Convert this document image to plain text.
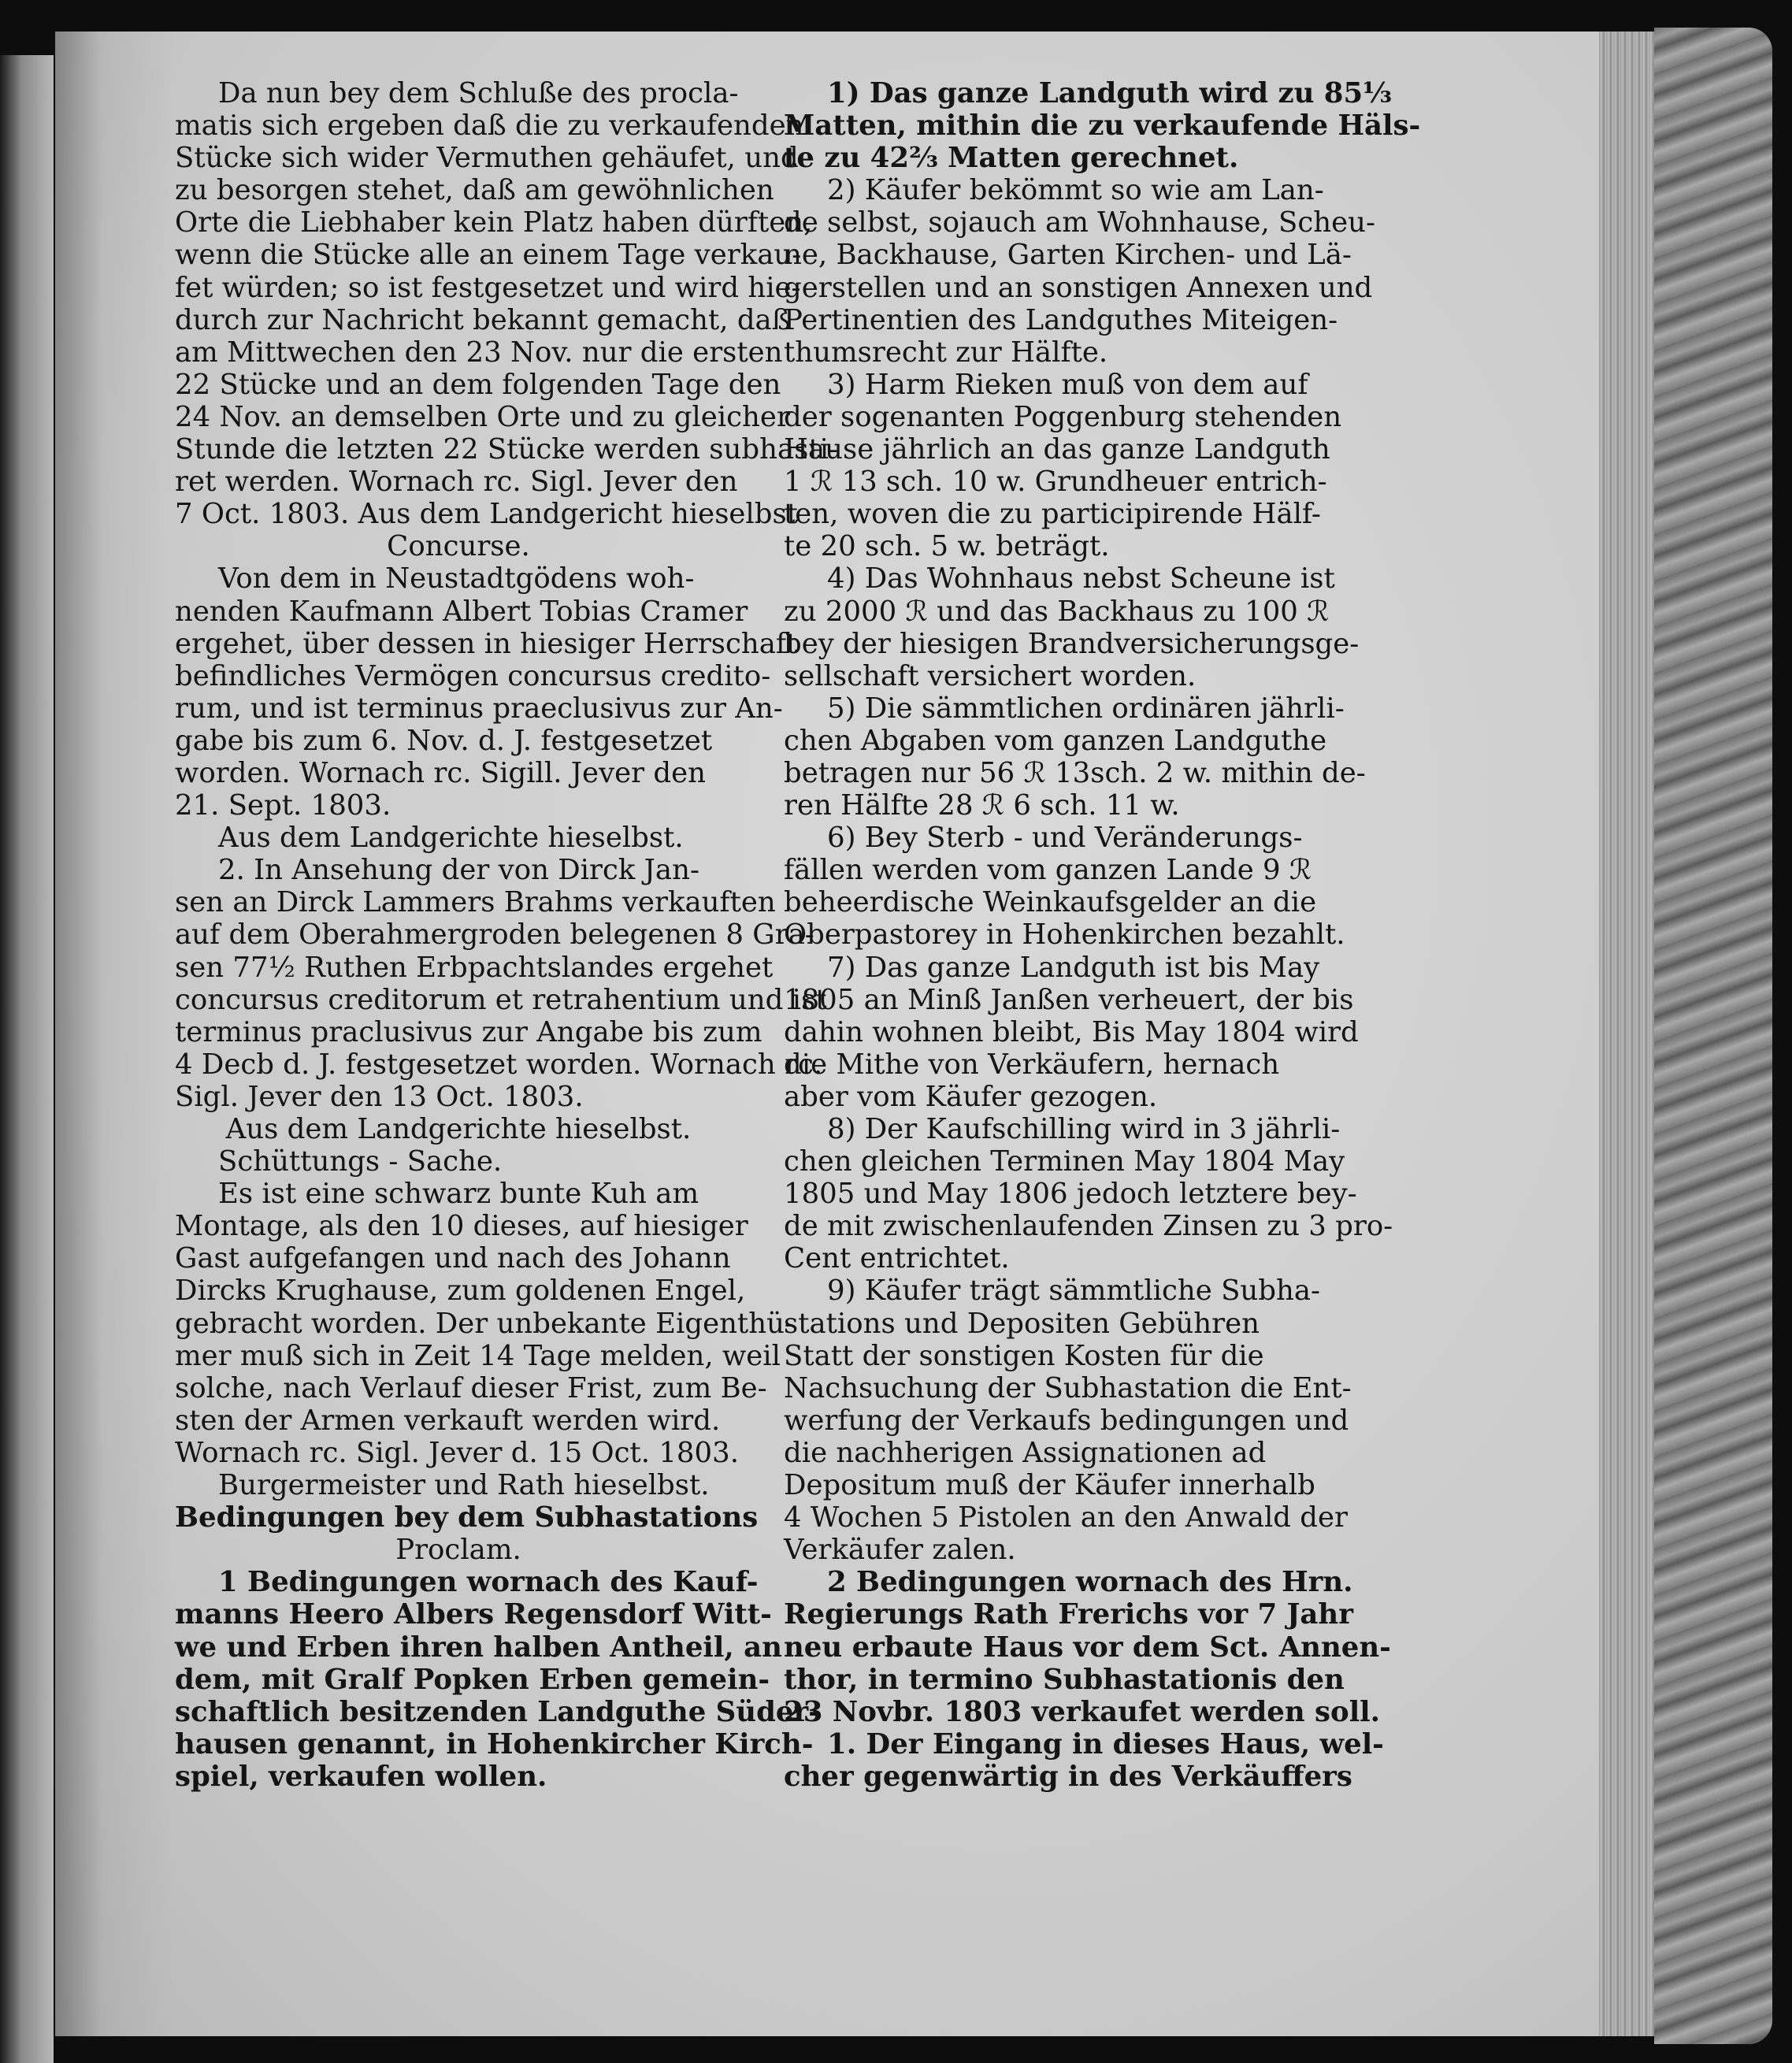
Da nun bey dem Schluße des procla-
matis sich ergeben daß die zu verkaufenden
Stücke sich wider Vermuthen gehäufet, und
zu besorgen stehet, daß am gewöhnlichen
Orte die Liebhaber kein Platz haben dürften,
wenn die Stücke alle an einem Tage verkau-
fet würden; so ist festgesetzet und wird hie-
durch zur Nachricht bekannt gemacht, daß
am Mittwechen den 23 Nov. nur die ersten
22 Stücke und an dem folgenden Tage den
24 Nov. an demselben Orte und zu gleicher
Stunde die letzten 22 Stücke werden subhasti-
ret werden. Wornach rc. Sigl. Jever den
7 Oct. 1803. Aus dem Landgericht hieselbst
Concurse.
Von dem in Neustadtgödens woh-
nenden Kaufmann Albert Tobias Cramer
ergehet, über dessen in hiesiger Herrschaft
befindliches Vermögen concursus credito-
rum, und ist terminus praeclusivus zur An-
gabe bis zum 6. Nov. d. J. festgesetzet
worden. Wornach rc. Sigill. Jever den
21. Sept. 1803.
Aus dem Landgerichte hieselbst.
2. In Ansehung der von Dirck Jan-
sen an Dirck Lammers Brahms verkauften
auf dem Oberahmergroden belegenen 8 Gra-
sen 77½ Ruthen Erbpachtslandes ergehet
concursus creditorum et retrahentium und ist
terminus praclusivus zur Angabe bis zum
4 Decb d. J. festgesetzet worden. Wornach rc.
Sigl. Jever den 13 Oct. 1803.
Aus dem Landgerichte hieselbst.
Schüttungs - Sache.
Es ist eine schwarz bunte Kuh am
Montage, als den 10 dieses, auf hiesiger
Gast aufgefangen und nach des Johann
Dircks Krughause, zum goldenen Engel,
gebracht worden. Der unbekante Eigenthü-
mer muß sich in Zeit 14 Tage melden, weil
solche, nach Verlauf dieser Frist, zum Be-
sten der Armen verkauft werden wird.
Wornach rc. Sigl. Jever d. 15 Oct. 1803.
Burgermeister und Rath hieselbst.
Bedingungen bey dem Subhastations
Proclam.
1 Bedingungen wornach des Kauf-
manns Heero Albers Regensdorf Witt-
we und Erben ihren halben Antheil, an
dem, mit Gralf Popken Erben gemein-
schaftlich besitzenden Landguthe Süder-
hausen genannt, in Hohenkircher Kirch-
spiel, verkaufen wollen.
1) Das ganze Landguth wird zu 85⅓
Matten, mithin die zu verkaufende Häls-
te zu 42⅔ Matten gerechnet.
2) Käufer bekömmt so wie am Lan-
de selbst, sojauch am Wohnhause, Scheu-
ne, Backhause, Garten Kirchen- und Lä-
gerstellen und an sonstigen Annexen und
Pertinentien des Landguthes Miteigen-
thumsrecht zur Hälfte.
3) Harm Rieken muß von dem auf
der sogenanten Poggenburg stehenden
Hause jährlich an das ganze Landguth
1 ℛ 13 sch. 10 w. Grundheuer entrich-
ten, woven die zu participirende Hälf-
te 20 sch. 5 w. beträgt.
4) Das Wohnhaus nebst Scheune ist
zu 2000 ℛ und das Backhaus zu 100 ℛ
bey der hiesigen Brandversicherungsge-
sellschaft versichert worden.
5) Die sämmtlichen ordinären jährli-
chen Abgaben vom ganzen Landguthe
betragen nur 56 ℛ 13sch. 2 w. mithin de-
ren Hälfte 28 ℛ 6 sch. 11 w.
6) Bey Sterb - und Veränderungs-
fällen werden vom ganzen Lande 9 ℛ
beheerdische Weinkaufsgelder an die
Oberpastorey in Hohenkirchen bezahlt.
7) Das ganze Landguth ist bis May
1805 an Minß Janßen verheuert, der bis
dahin wohnen bleibt, Bis May 1804 wird
die Mithe von Verkäufern, hernach
aber vom Käufer gezogen.
8) Der Kaufschilling wird in 3 jährli-
chen gleichen Terminen May 1804 May
1805 und May 1806 jedoch letztere bey-
de mit zwischenlaufenden Zinsen zu 3 pro-
Cent entrichtet.
9) Käufer trägt sämmtliche Subha-
stations und Depositen Gebühren
Statt der sonstigen Kosten für die
Nachsuchung der Subhastation die Ent-
werfung der Verkaufs bedingungen und
die nachherigen Assignationen ad
Depositum muß der Käufer innerhalb
4 Wochen 5 Pistolen an den Anwald der
Verkäufer zalen.
2 Bedingungen wornach des Hrn.
Regierungs Rath Frerichs vor 7 Jahr
neu erbaute Haus vor dem Sct. Annen-
thor, in termino Subhastationis den
23 Novbr. 1803 verkaufet werden soll.
1. Der Eingang in dieses Haus, wel-
cher gegenwärtig in des Verkäuffers
